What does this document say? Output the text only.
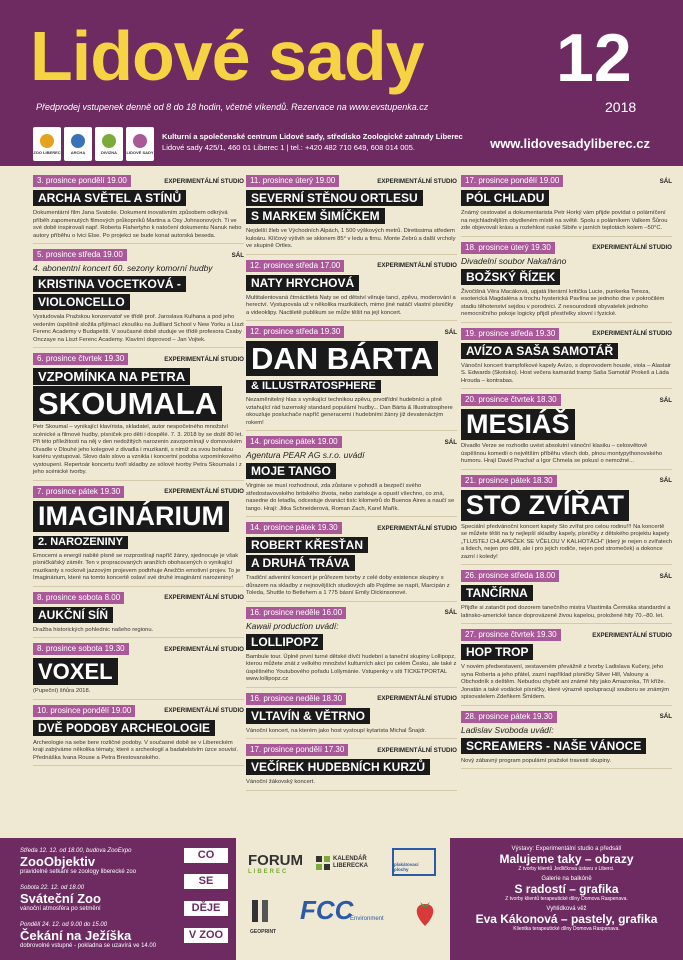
Lidové sady 12
2018
Předprodej vstupenek denně od 8 do 18 hodin, včetně víkendů. Rezervace na www.evstupenka.cz
ZOO LIBEREC	ARCHA	DIVIZNA LIDOVÉ SADY
Kulturní a společenské centrum Lidové sady, středisko Zoologické zahrady Liberec
Lidové sady 425/1, 460 01 Liberec 1 | tel.: +420 482 710 649, 608 014 005.	www.lidovesadyliberec.cz
3. prosince pondělí 19.00	EXPERIMENTÁLNÍ STUDIO
ARCHA SVĚTEL A STÍNŮ
Dokumentární film Jana Svatoše. Dokument inovativním způsobem odkrývá příběh zapomenutých filmových průkopníků Martina a Osy Johnsonových. Ti ve své době inspirovali např. Roberta Flahertyho k natočení dokumentu Nanuk nebo autory příběhu o lvici Else. Po projekci se bude konat autorská beseda.
5. prosince středa 19.00	SÁL
4. abonentní koncert 60. sezony komorní hudby
KRISTINA VOCETKOVÁ -
VIOLONCELLO
Vystudovala Pražskou konzervatoř ve třídě prof. Jaroslava Kulhana a pod jeho vedením úspěšně složila přijímací zkoušku na Juilliard School v New Yorku a Liszt Ferenc Academy v Budapešti. V současné době studuje ve třídě profesora Csaby Onczaye na Liszt Ferenc Academy. Klavírní doprovod – Jan Vojtek.
6. prosince čtvrtek 19.30	EXPERIMENTÁLNÍ STUDIO
VZPOMÍNKA NA PETRA
SKOUMALA
Petr Skoumal – vynikající klavírista, skladatel, autor nespočetného množství scénické a filmové hudby, písniček pro děti i dospělé. 7. 3. 2018 by se dožil 80 let. Při této příležitosti na něj v den nedožitých narozenin zavzpomínají v domovském Divadle v Dlouhé jeho kolegové z divadla i muzikanti, s nimiž za svou bohatou kariéru vystupoval. Slovo dalo slovo a vznikla i koncertní podoba vzpomínkového vystoupení. Repertoár koncertu tvoří skladby ze sólové tvorby Petra Skoumala i z jeho scénické tvorby.
7. prosince pátek 19.30	EXPERIMENTÁLNÍ STUDIO
IMAGINÁRIUM
2. NAROZENINY
Emocemi a energií nabité písně se rozprostírají napříč žánry, sjednocuje je však písničkářský záměr. Ten v propracovaných aranžích obohacených o vynikající muzikanty s rockově jazzovým projevem podtrhuje Anežčin emotivní projev. To je Imaginárium, které na tomto koncertě oslaví své druhé imaginární narozeniny!
8. prosince sobota 8.00	EXPERIMENTÁLNÍ STUDIO
AUKČNÍ SÍŇ
Dražba historických pohlednic našeho regionu.
8. prosince sobota 19.30	EXPERIMENTÁLNÍ STUDIO
VOXEL
(Pupeční) šňůra 2018.
10. prosince pondělí 19.00	EXPERIMENTÁLNÍ STUDIO
DVĚ PODOBY ARCHEOLOGIE
Archeologie na sebe bere rozličné podoby. V současné době se v Libereckém kraji zabýváme několika tématy, které s archeologií a badatelstvím úzce souvisí. Přednáška Ivana Rouse a Petra Brestovanského.
11. prosince úterý 19.00	EXPERIMENTÁLNÍ STUDIO
SEVERNÍ STĚNOU ORTLESU
S MARKEM ŠIMÍČKEM
Nejdelší žleb ve Východních Alpách, 1 500 výškových metrů. Diretissima středem kuloáru. Klíčový výšvih se sklonem 85° v ledu a firnu. Monte Zebrú a další vrcholy ve skupině Ortles.
12. prosince středa 17.00	EXPERIMENTÁLNÍ STUDIO
NATY HRYCHOVÁ
Multitalentovaná čtrnáctiletá Naty se od dětství věnuje tanci, zpěvu, moderování a herectví. Vystupovala už v několika muzikálech, mimo jiné natáčí vlastní písničky a videoklipy. Nactiletě publikum se může těšit na její koncert.
12. prosince středa 19.30	SÁL
DAN BÁRTA
& ILLUSTRATOSPHERE
Nezaměnitelný hlas s vynikající technikou zpěvu, prvotřídní hudebníci a plně vztahující rád tuzemský standard populární hudby... Dan Bárta & Illustratosphere okouzluje posluchače napříč generacemi i hudebními žánry již devatenáctým rokem!
14. prosince pátek 19.00	SÁL
Agentura PEAR AG s.r.o. uvádí
MOJE TANGO
Virginie se musí rozhodnout, zda zůstane v pohodlí a bezpečí svého středostavovského britského života, nebo zariskuje a opustí všechno, co zná, nasedne do letadla, odcestuje dvanáct tisíc kilometrů do Buenos Aires a naučí se tango. Hrají: Jitka Schneiderová, Roman Zach, Karel Mařík.
14. prosince pátek 19.30	EXPERIMENTÁLNÍ STUDIO
ROBERT KŘESŤAN
A DRUHÁ TRÁVA
Tradiční adventní koncert je průřezem tvorby z celé doby existence skupiny s důrazem na skladby z nejnovějších studiových alb Pojdme se napít, Marcipán z Toleda, Shuttle to Betlehem a 1 775 básní Emily Dickinsonové.
16. prosince neděle 16.00	SÁL
Kawaii production uvádí:
LOLLIPOPZ
Bambule tour. Úplně první turné dětské dívčí hudební a taneční skupiny Lollipopz, kterou můžete znát z velkého množství kulturních akcí po celém Česku, ale také z úspěšného Youtubového pořadu Lollymánie. Vstupenky v síti TICKETPORTAL www.lollipopz.cz
16. prosince neděle 18.30	EXPERIMENTÁLNÍ STUDIO
VLTAVÍN & VĚTRNO
Vánoční koncert, na kterém jako host vystoupí kytarista Michal Šnajdr.
17. prosince pondělí 17.30	EXPERIMENTÁLNÍ STUDIO
VEČÍREK HUDEBNÍCH KURZŮ
Vánoční žákovský koncert.
17. prosince pondělí 19.00	SÁL
PÓL CHLADU
Známý cestovatel a dokumentarista Petr Horký vám přijde povídat o polárníčení na nejchladnějším obydleném místě na světě. Spolu s polárníkem Valkem Šůrou zde objevovali krásu a rozlehlost ruské Sibiře v jarních teplotách kolem –50°C.
18. prosince úterý 19.30	EXPERIMENTÁLNÍ STUDIO
Divadelní soubor Nakafráno
BOŽSKÝ ŘÍZEK
Živočišná Věra Macáková, upjatá literární kritička Lucie, punkerka Tereza, esoterická Magdaléna a trochu hysterická Pavlína se jednoho dne v pokročilém stadiu těhotenství sejdou v porodnici. Z nesourodosti obyvatelek jednoho nemocničního pokoje logicky přijdí přestřelky slovní i fyzické.
19. prosince středa 19.30	EXPERIMENTÁLNÍ STUDIO
AVÍZO A SAŠA SAMOTÁŘ
Vánoční koncert trampfolkové kapely Avízo, s doprovodem housle, viola – Alastair S. Edwards (Skotsko). Host večera kamarád tramp Saša Samotář Prokeš a Láda Hrouda – kontrabas.
20. prosince čtvrtek 18.30	SÁL
MESIÁŠ
Divadlo Verze se rozhodlo uvést absolutní vánoční klasiku – celosvětově úspěšnou komedii o největším příběhu všech dob, plnou montypythonovského humoru. Hrají David Prachař a Igor Chmela se pokusí o nemožné...
21. prosince pátek 18.30	SÁL
STO ZVÍŘAT
Speciální předvánoční koncert kapely Sto zvířat pro celou rodinu!!! Na koncertě se můžete těšit na ty nejlepší skladby kapely, písničky z dětského projektu kapely „TLUSTEJ CHLAPEČEK SE VČELOU V KALHOTÁCH“ (který je nejen o zvířatech a lidech, nejen pro děti, ale i pro jejich rodiče, nejen pod stromeček) a dokonce zazní i koledy!
26. prosince středa 18.00	SÁL
TANČÍRNA
Přijďte si zatančit pod dozorem tanečního mistra Vlastimila Čermáka standardní a latinsko-americké tance doprovázené živou kapelou, proložené hity 70.–80. let.
27. prosince čtvrtek 19.30	EXPERIMENTÁLNÍ STUDIO
HOP TROP
V novém předsestavení, sestaveném převážně z tvorby Ladislava Kučery, jeho syna Roberta a jeho přátel, zazní například písničky Silver Hill, Valouny a Obchodník s deštěm. Nebudou chybět ani známé hity jako Amazonka, Tři kříže. Jonatán a také vodácké písničky, které výrazně spolupracují souboru se známým spisovatelem Zdeňkem Šmídem.
28. prosince pátek 19.30	SÁL
Ladislav Svoboda uvádí:
SCREAMERS - NAŠE VÁNOCE
Nový zábavný program populární pražské travesti skupiny.
Středa 12. 12. od 18.00, budova ZooExpo
ZooObjektiv
pravidelné setkání se zoology liberecké zoo
Sobota 22. 12. od 18.00
Sváteční Zoo
vánoční atmosféra po setmění
Pondělí 24. 12. od 9.00 do 15.00
Čekání na Ježíška
dobrovolné vstupné - pokladna se uzavírá ve 14.00
CO
SE
DĚJE
V ZOO
FORUM
LIBEREC
KALENDÁŘ LIBERECKA	plakátovací plochy
GEOPRINT
FCC
Environment
Výstavy: Experimentální studio a předsálí
Malujeme taky – obrazy
Z tvorby klientů Jedličkova ústavu v Liberci.
Galerie na balkóně
S radostí – grafika
Z tvorby klientů terapeutické dílny Domova Raspenava.
Vyhlídková věž
Eva Kákonová – pastely, grafika
Klientka terapeutické dílny Domova Raspenava.
